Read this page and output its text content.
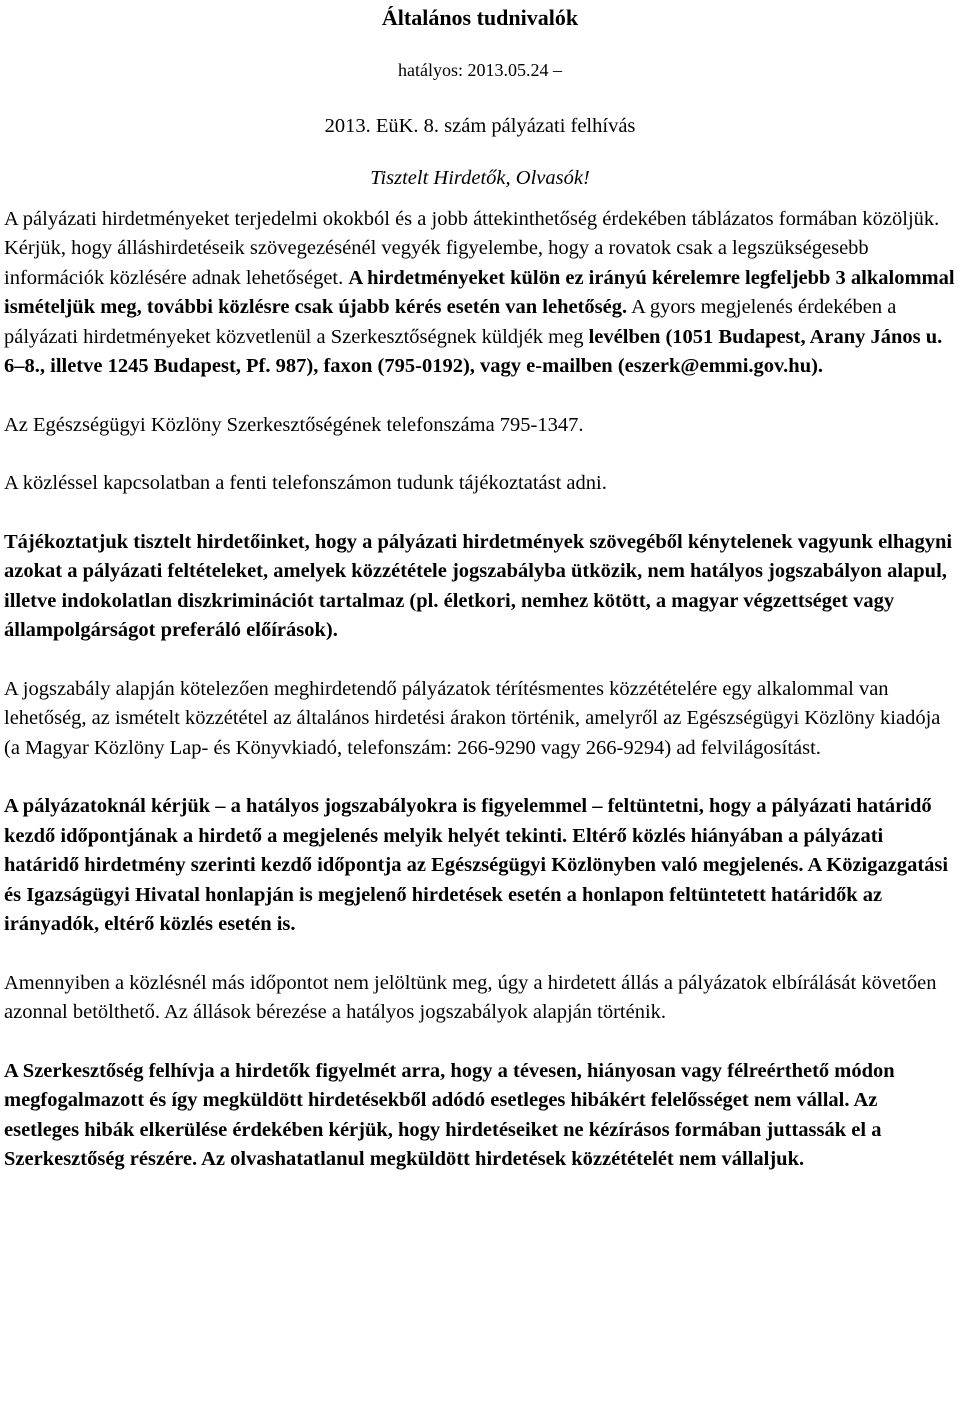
Általános tudnivalók

hatályos: 2013.05.24 –

2013. EüK. 8. szám pályázati felhívás

Tisztelt Hirdetők, Olvasók!

A pályázati hirdetményeket terjedelmi okokból és a jobb áttekinthetőség érdekében táblázatos formában közöljük. Kérjük, hogy álláshirdetéseik szövegezésénél vegyék figyelembe, hogy a rovatok csak a legszükségesebb információk közlésére adnak lehetőséget. A hirdetményeket külön ez irányú kérelemre legfeljebb 3 alkalommal ismételjük meg, további közlésre csak újabb kérés esetén van lehetőség. A gyors megjelenés érdekében a pályázati hirdetményeket közvetlenül a Szerkesztőségnek küldjék meg levélben (1051 Budapest, Arany János u. 6–8., illetve 1245 Budapest, Pf. 987), faxon (795-0192), vagy e-mailben (eszerk@emmi.gov.hu).

Az Egészségügyi Közlöny Szerkesztőségének telefonszáma 795-1347.

A közléssel kapcsolatban a fenti telefonszámon tudunk tájékoztatást adni.

Tájékoztatjuk tisztelt hirdetőinket, hogy a pályázati hirdetmények szövegéből kénytelenek vagyunk elhagyni azokat a pályázati feltételeket, amelyek közzététele jogszabályba ütközik, nem hatályos jogszabályon alapul, illetve indokolatlan diszkriminációt tartalmaz (pl. életkori, nemhez kötött, a magyar végzettséget vagy állampolgárságot preferáló előírások).

A jogszabály alapján kötelezően meghirdetendő pályázatok térítésmentes közzétételére egy alkalommal van lehetőség, az ismételt közzététel az általános hirdetési árakon történik, amelyről az Egészségügyi Közlöny kiadója (a Magyar Közlöny Lap- és Könyvkiadó, telefonszám: 266-9290 vagy 266-9294) ad felvilágosítást.

A pályázatoknál kérjük – a hatályos jogszabályokra is figyelemmel – feltüntetni, hogy a pályázati határidő kezdő időpontjának a hirdető a megjelenés melyik helyét tekinti. Eltérő közlés hiányában a pályázati határidő hirdetmény szerinti kezdő időpontja az Egészségügyi Közlönyben való megjelenés. A Közigazgatási és Igazságügyi Hivatal honlapján is megjelenő hirdetések esetén a honlapon feltüntetett határidők az irányadók, eltérő közlés esetén is.

Amennyiben a közlésnél más időpontot nem jelöltünk meg, úgy a hirdetett állás a pályázatok elbírálását követően azonnal betölthető. Az állások bérezése a hatályos jogszabályok alapján történik.

A Szerkesztőség felhívja a hirdetők figyelmét arra, hogy a tévesen, hiányosan vagy félreérthető módon megfogalmazott és így megküldött hirdetésekből adódó esetleges hibákért felelősséget nem vállal. Az esetleges hibák elkerülése érdekében kérjük, hogy hirdetéseiket ne kézírásos formában juttassák el a Szerkesztőség részére. Az olvashatatlanul megküldött hirdetések közzétételét nem vállaljuk.
